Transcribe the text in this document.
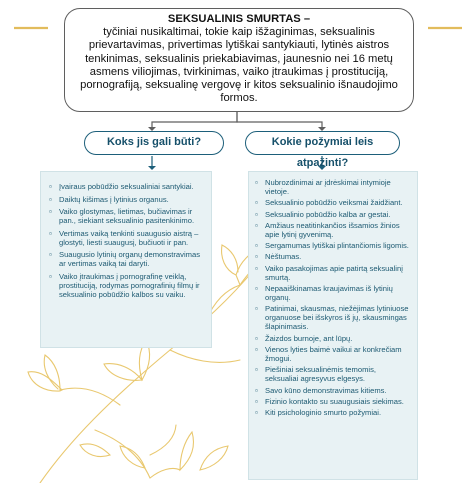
SEKSUALINIS SMURTAS –
tyčiniai nusikaltimai, tokie kaip išžaginimas, seksualinis prievartavimas, privertimas lytiškai santykiauti, lytinės aistros tenkinimas, seksualinis priekabiavimas, jaunesnio nei 16 metų asmens viliojimas, tvirkinimas, vaiko įtraukimas į prostituciją, pornografiją, seksualinę vergovę ir kitos seksualinio išnaudojimo formos.
Koks jis gali būti?	Kokie požymiai leis atpažinti?
▫ Įvairaus pobūdžio seksualiniai santykiai.
▫ Daiktų kišimas į lytinius organus.
▫ Vaiko glostymas, lietimas, bučiavimas ir pan., siekiant seksualinio pasitenkinimo.
▫ Vertimas vaiką tenkinti suaugusio aistrą – glostyti, liesti suaugusį, bučiuoti ir pan.
▫ Suaugusio lytinių organų demonstravimas ar vertimas vaiką tai daryti.
▫ Vaiko įtraukimas į pornografinę veiklą, prostituciją, rodymas pornografinių filmų ir seksualinio pobūdžio kalbos su vaiku.
▫ Nubrozdinimai ar įdrėskimai intymioje vietoje.
▫ Seksualinio pobūdžio veiksmai žaidžiant.
▫ Seksualinio pobūdžio kalba ar gestai.
▫ Amžiaus neatitinkančios išsamios žinios apie lytinį gyvenimą.
▫ Sergamumas lytiškai plintančiomis ligomis.
▫ Nėštumas.
▫ Vaiko pasakojimas apie patirtą seksualinį smurtą.
▫ Nepaaiškinamas kraujavimas iš lytinių organų.
▫ Patinimai, skausmas, niežėjimas lytiniuose organuose bei išskyros iš jų, skausmingas šlapinimasis.
▫ Žaizdos burnoje, ant lūpų.
▫ Vienos lyties baimė vaikui ar konkrečiam žmogui.
▫ Piešiniai seksualinėmis temomis, seksualiai agresyvus elgesys.
▫ Savo kūno demonstravimas kitiems.
▫ Fizinio kontakto su suaugusiais siekimas.
▫ Kiti psichologinio smurto požymiai.
